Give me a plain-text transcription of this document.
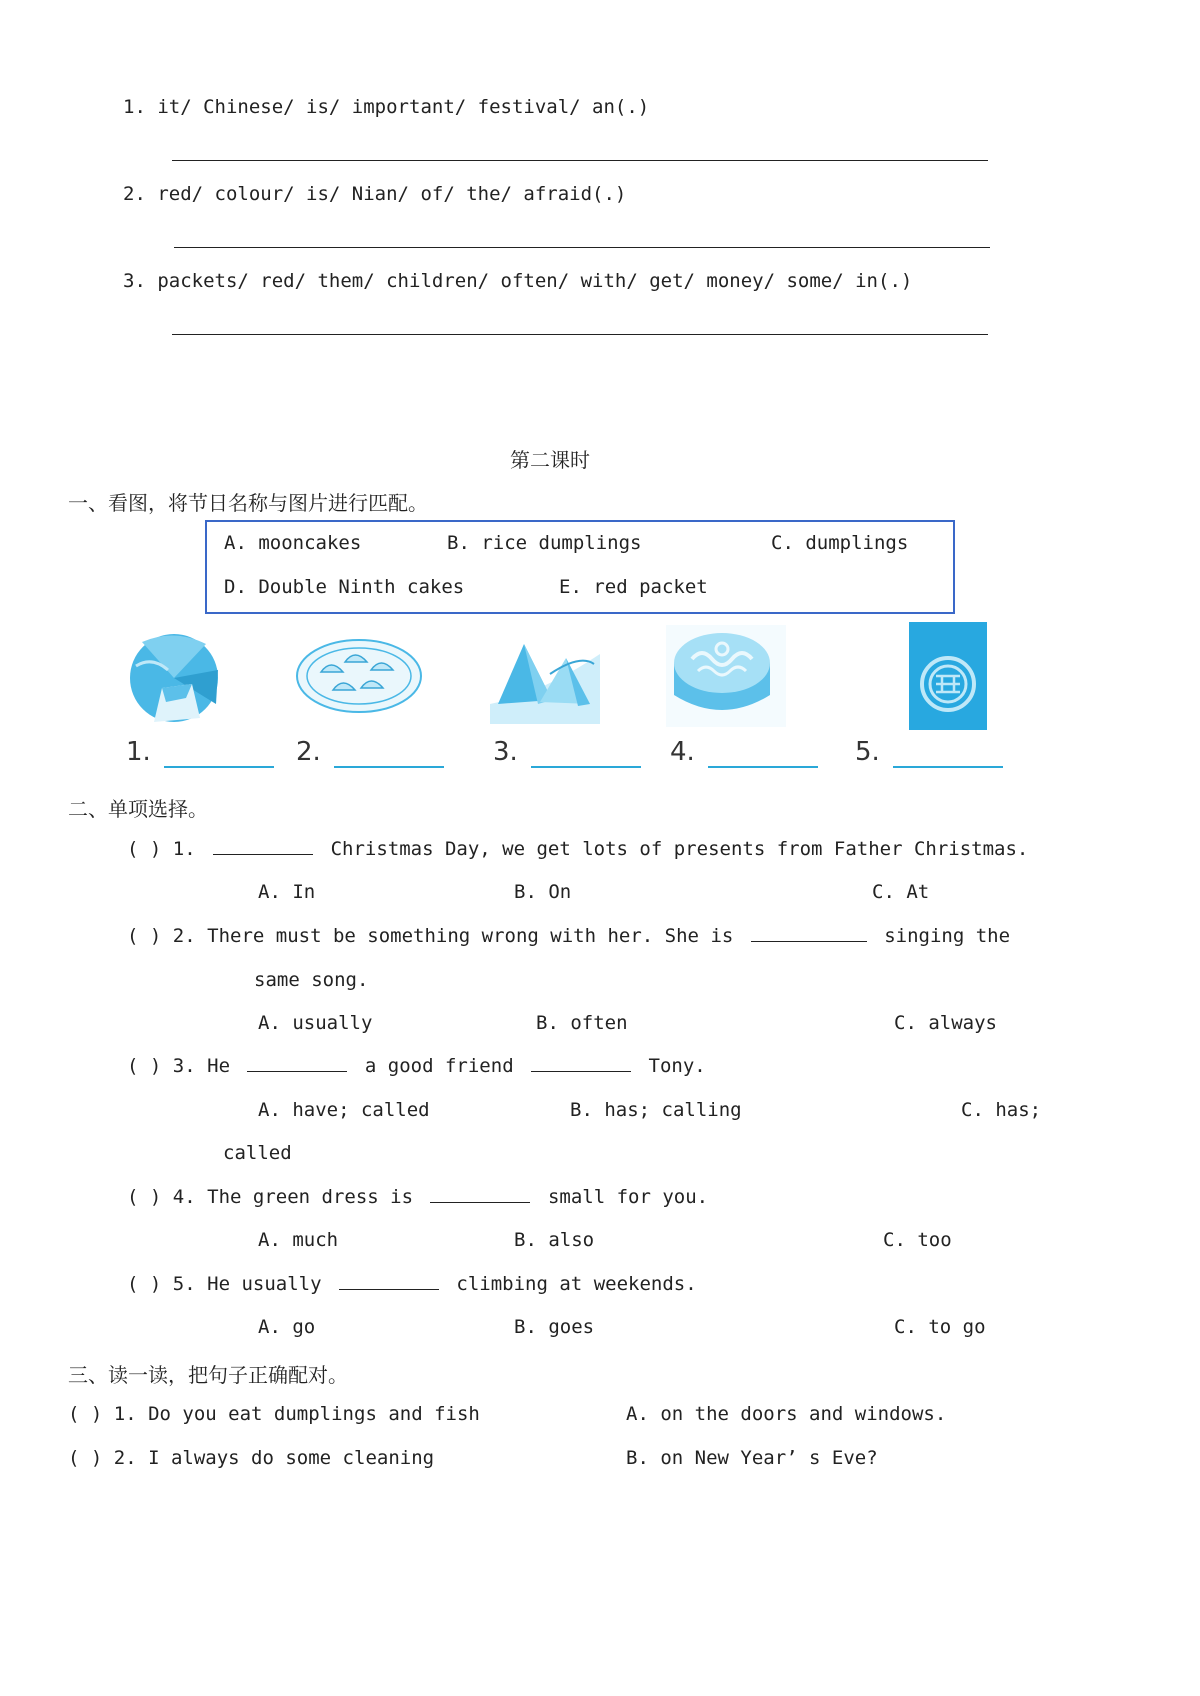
1. it/ Chinese/ is/ important/ festival/ an(.)
2. red/ colour/ is/ Nian/ of/ the/ afraid(.)
3. packets/ red/ them/ children/ often/ with/ get/ money/ some/ in(.)
第二课时
一、看图，将节日名称与图片进行匹配。
A. mooncakes	B. rice dumplings	C. dumplings
D. Double Ninth cakes	E. red packet
1.	2.	3.	4.	5.
二、单项选择。
( ) 1.	Christmas Day, we get lots of presents from Father Christmas.
A. In	B. On	C. At
( ) 2. There must be something wrong with her. She is	singing the
same song.
A. usually	B. often	C. always
( ) 3. He	a good friend	Tony.
A. have; called	B. has; calling	C. has;
called
( ) 4. The green dress is	small for you.
A. much	B. also	C. too
( ) 5. He usually	climbing at weekends.
A. go	B. goes	C. to go
三、读一读，把句子正确配对。
( ) 1. Do you eat dumplings and fish	A. on the doors and windows.
( ) 2. I always do some cleaning	B. on New Year’ s Eve?
